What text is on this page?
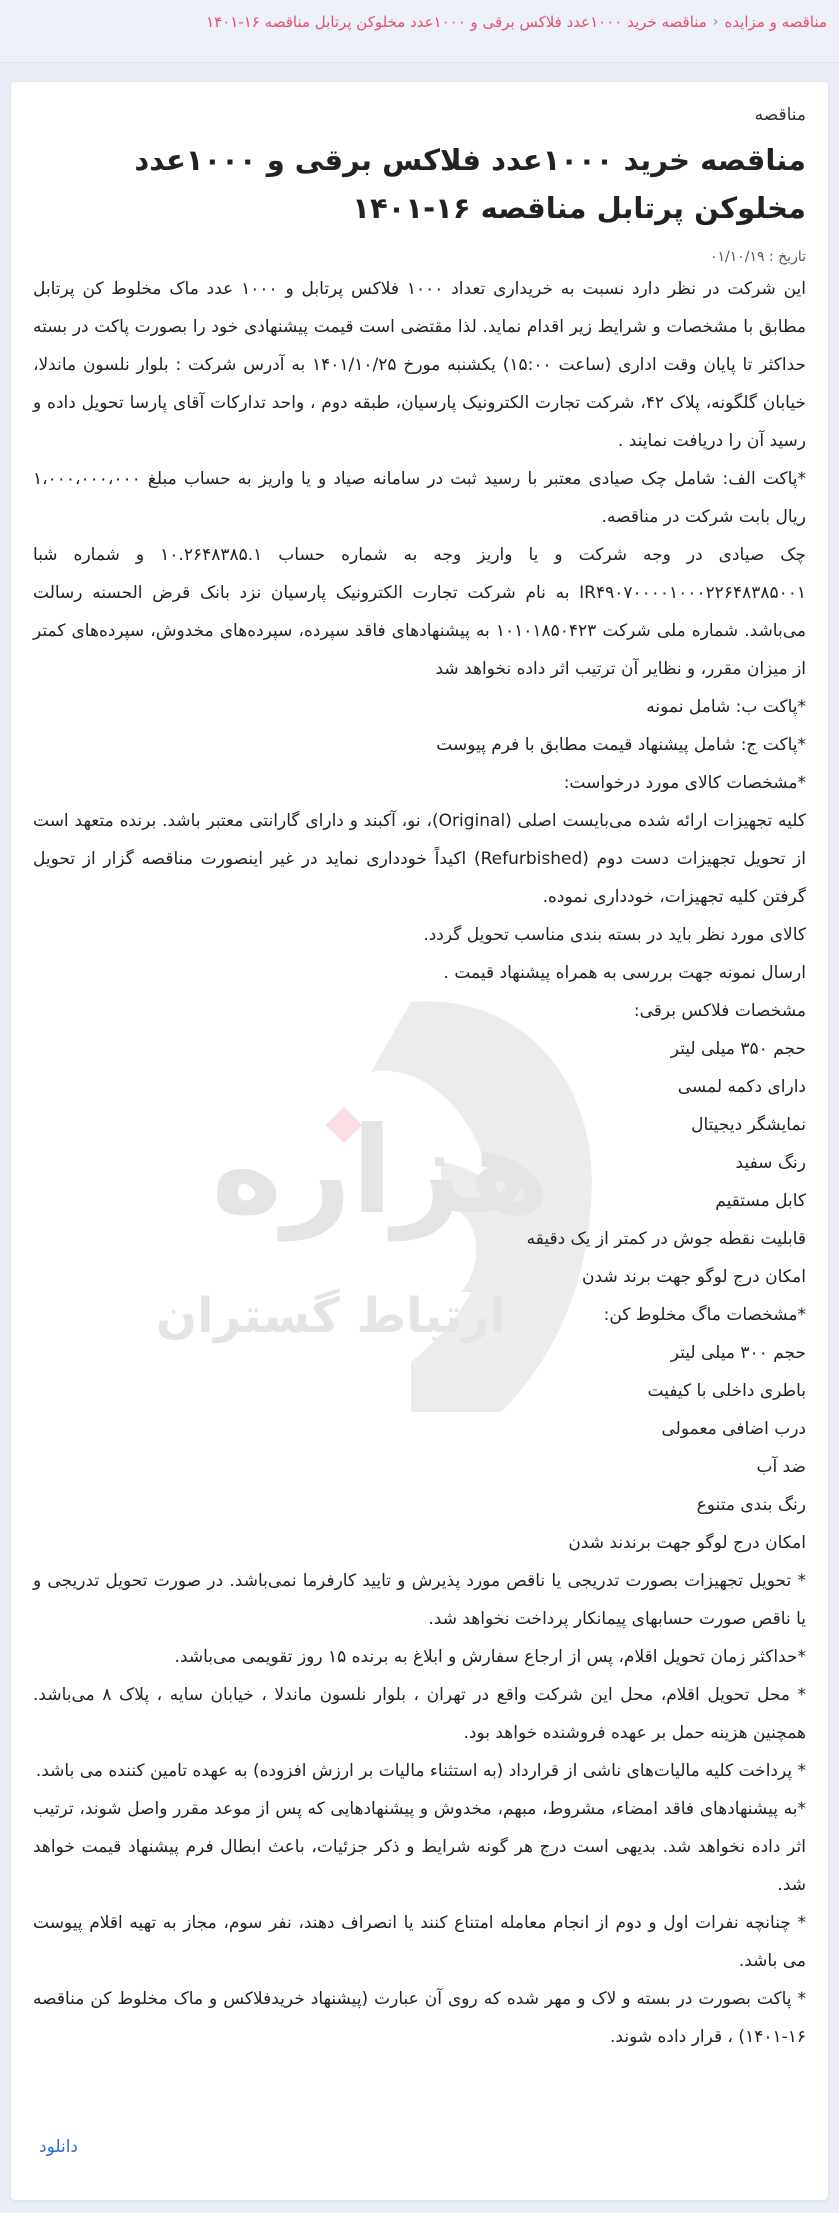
مناقصه و مزایده
‹
مناقصه خرید ۱۰۰۰عدد فلاکس برقی و ۱۰۰۰عدد مخلوکن پرتابل مناقصه ۱۶-۱۴۰۱
هزاره
ارتباط گستران

مناقصه

مناقصه خرید ۱۰۰۰عدد فلاکس برقی و ۱۰۰۰عدد مخلوکن پرتابل مناقصه ۱۶-۱۴۰۱
تاریخ : ۰۱/۱۰/۱۹

این شرکت در نظر دارد نسبت به خریداری تعداد ۱۰۰۰ فلاکس پرتابل و ۱۰۰۰ عدد ماک مخلوط کن پرتابل مطابق با مشخصات و شرایط زیر اقدام نماید. لذا مقتضی است قیمت پیشنهادی خود را بصورت پاکت در بسته حداکثر تا پایان وقت اداری (ساعت ۱۵:۰۰) یکشنبه مورخ ۱۴۰۱/۱۰/۲۵ به آدرس شرکت : بلوار نلسون ماندلا، خیابان گلگونه، پلاک ۴۲، شرکت تجارت الکترونیک پارسیان، طبقه دوم ، واحد تدارکات آقای پارسا تحویل داده و رسید آن را دریافت نمایند .

*پاکت الف: شامل چک صیادی معتبر با رسید ثبت در سامانه صیاد و یا واریز به حساب مبلغ ۱،۰۰۰،۰۰۰،۰۰۰ ریال بابت شرکت در مناقصه.

چک صیادی در وجه شرکت و یا واریز وجه به شماره حساب ۱۰.۲۶۴۸۳۸۵.۱ و شماره شبا IR۴۹۰۷۰۰۰۰۱۰۰۰۲۲۶۴۸۳۸۵۰۰۱ به نام شرکت تجارت الکترونیک پارسیان نزد بانک قرض الحسنه رسالت می‌باشد. شماره ملی شرکت ۱۰۱۰۱۸۵۰۴۲۳ به پیشنهادهای فاقد سپرده، سپرده‌های مخدوش، سپرده‌های کمتر از میزان مقرر، و نظایر آن ترتیب اثر داده نخواهد شد

*پاکت ب: شامل نمونه

*پاکت ج: شامل پیشنهاد قیمت مطابق با فرم پیوست

*مشخصات کالای مورد درخواست:

کلیه تجهیزات ارائه شده می‌بایست اصلی (Original)، نو، آکبند و دارای گارانتی معتبر باشد. برنده متعهد است از تحویل تجهیزات دست دوم (Refurbished) اکیداً خودداری نماید در غیر اینصورت مناقصه گزار از تحویل گرفتن کلیه تجهیزات، خودداری نموده.

کالای مورد نظر باید در بسته بندی مناسب تحویل گردد.

ارسال نمونه جهت بررسی به همراه پیشنهاد قیمت .

مشخصات فلاکس برقی:

حجم ۳۵۰ میلی لیتر

دارای دکمه لمسی

نمایشگر دیجیتال

رنگ سفید

کابل مستقیم

قابلیت نقطه جوش در کمتر از یک دقیقه

امکان درج لوگو جهت برند شدن

*مشخصات ماگ مخلوط کن:

حجم ۳۰۰ میلی لیتر

باطری داخلی با کیفیت

درب اضافی معمولی

ضد آب

رنگ بندی متنوع

امکان درج لوگو جهت برندند شدن

* تحویل تجهیزات بصورت تدریجی یا ناقص مورد پذیرش و تایید کارفرما نمی‌باشد. در صورت تحویل تدریجی و یا ناقص صورت حسابهای پیمانکار پرداخت نخواهد شد.

*حداکثر زمان تحویل اقلام، پس از ارجاع سفارش و ابلاغ به برنده ۱۵ روز تقویمی می‌باشد.

* محل تحویل اقلام، محل این شرکت واقع در تهران ، بلوار نلسون ماندلا ، خیابان سایه ، پلاک ۸ می‌باشد. همچنین هزینه حمل بر عهده فروشنده خواهد بود.

* پرداخت کلیه مالیات‌های ناشی از قرارداد (به استثناء مالیات بر ارزش افزوده) به عهده تامین کننده می باشد.

*به پیشنهادهای فاقد امضاء، مشروط، مبهم، مخدوش و پیشنهادهایی که پس از موعد مقرر واصل شوند، ترتیب اثر داده نخواهد شد. بدیهی است درج هر گونه شرایط و ذکر جزئیات، باعث ابطال فرم پیشنهاد قیمت خواهد شد.

* چنانچه نفرات اول و دوم از انجام معامله امتناع کنند یا انصراف دهند، نفر سوم، مجاز به تهیه اقلام پیوست می باشد.

* پاکت بصورت در بسته و لاک و مهر شده که روی آن عبارت (پیشنهاد خریدفلاکس و ماک مخلوط کن مناقصه ۱۶-۱۴۰۱) ، قرار داده شوند.

دانلود
